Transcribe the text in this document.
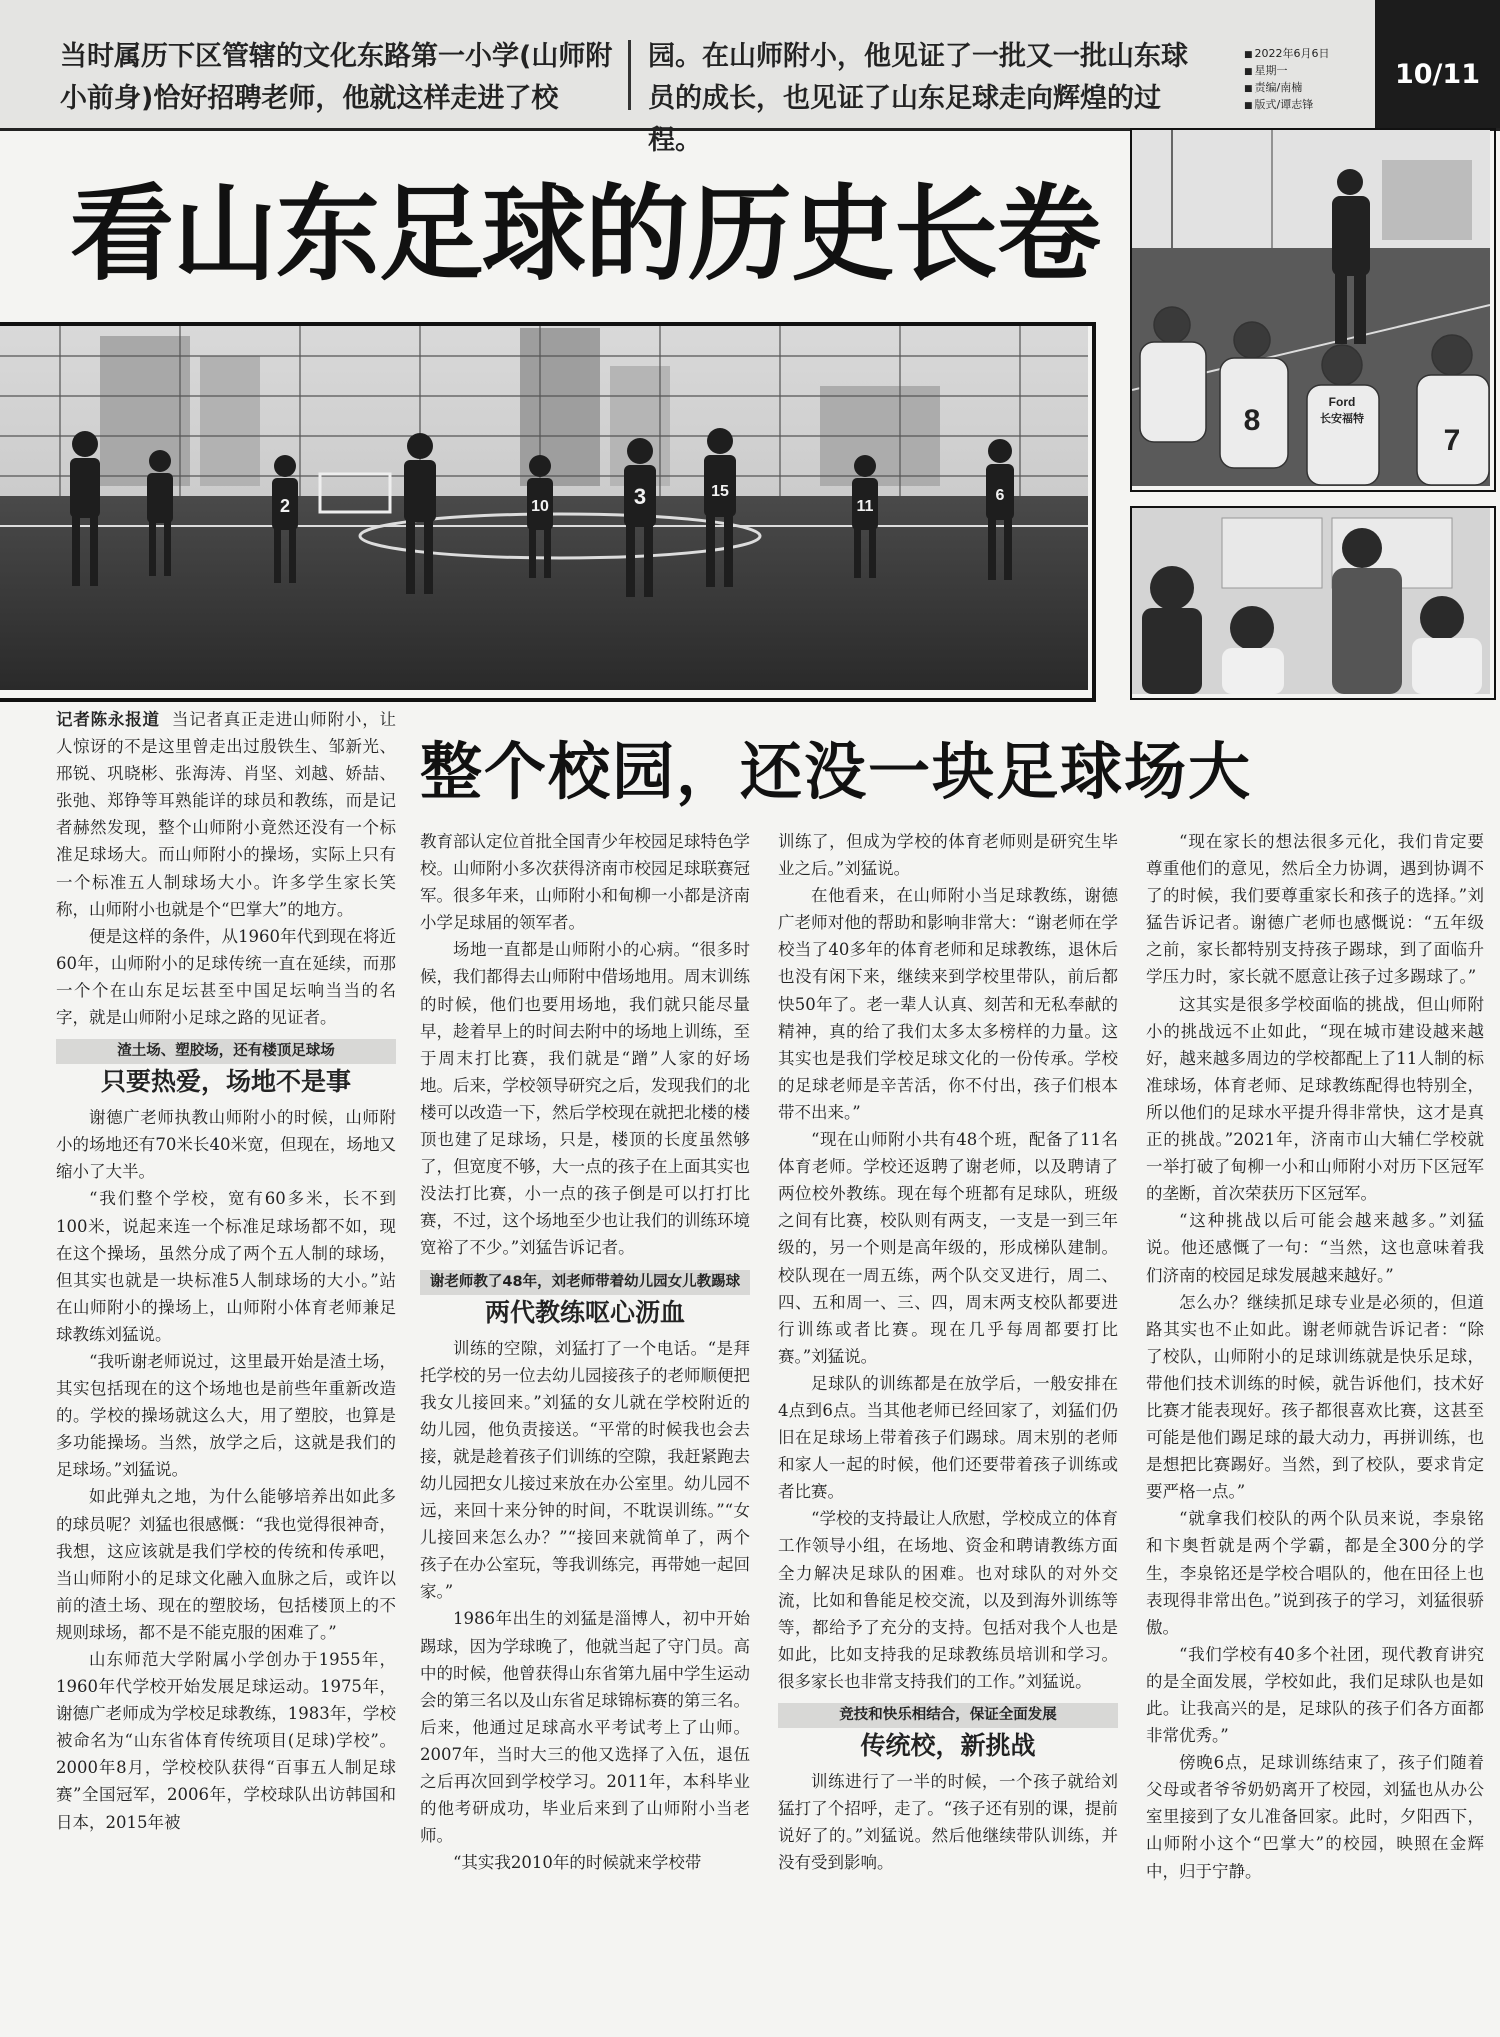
当时属历下区管辖的文化东路第一小学(山师附小前身)恰好招聘老师，他就这样走进了校
园。在山师附小，他见证了一批又一批山东球员的成长，也见证了山东足球走向辉煌的过程。
■ 2022年6月6日
■ 星期一
■ 责编/南楠
■ 版式/谭志锋
10/11
看山东足球的历史长卷
2	3
10	11
15	6
Ford
长安福特
8
7
整个校园，还没一块足球场大

记者陈永报道 当记者真正走进山师附小，让人惊讶的不是这里曾走出过殷铁生、邹新光、邢锐、巩晓彬、张海涛、肖坚、刘越、娇喆、张弛、郑铮等耳熟能详的球员和教练，而是记者赫然发现，整个山师附小竟然还没有一个标准足球场大。而山师附小的操场，实际上只有一个标准五人制球场大小。许多学生家长笑称，山师附小也就是个“巴掌大”的地方。

便是这样的条件，从1960年代到现在将近60年，山师附小的足球传统一直在延续，而那一个个在山东足坛甚至中国足坛响当当的名字，就是山师附小足球之路的见证者。

渣土场、塑胶场，还有楼顶足球场
只要热爱，场地不是事

谢德广老师执教山师附小的时候，山师附小的场地还有70米长40米宽，但现在，场地又缩小了大半。

“我们整个学校，宽有60多米，长不到100米，说起来连一个标准足球场都不如，现在这个操场，虽然分成了两个五人制的球场，但其实也就是一块标准5人制球场的大小。”站在山师附小的操场上，山师附小体育老师兼足球教练刘猛说。

“我听谢老师说过，这里最开始是渣土场，其实包括现在的这个场地也是前些年重新改造的。学校的操场就这么大，用了塑胶，也算是多功能操场。当然，放学之后，这就是我们的足球场。”刘猛说。

如此弹丸之地，为什么能够培养出如此多的球员呢？刘猛也很感慨：“我也觉得很神奇，我想，这应该就是我们学校的传统和传承吧，当山师附小的足球文化融入血脉之后，或许以前的渣土场、现在的塑胶场，包括楼顶上的不规则球场，都不是不能克服的困难了。”

山东师范大学附属小学创办于1955年，1960年代学校开始发展足球运动。1975年，谢德广老师成为学校足球教练，1983年，学校被命名为“山东省体育传统项目(足球)学校”。2000年8月，学校校队获得“百事五人制足球赛”全国冠军，2006年，学校球队出访韩国和日本，2015年被

教育部认定位首批全国青少年校园足球特色学校。山师附小多次获得济南市校园足球联赛冠军。很多年来，山师附小和甸柳一小都是济南小学足球届的领军者。

场地一直都是山师附小的心病。“很多时候，我们都得去山师附中借场地用。周末训练的时候，他们也要用场地，我们就只能尽量早，趁着早上的时间去附中的场地上训练，至于周末打比赛，我们就是“蹭”人家的好场地。后来，学校领导研究之后，发现我们的北楼可以改造一下，然后学校现在就把北楼的楼顶也建了足球场，只是，楼顶的长度虽然够了，但宽度不够，大一点的孩子在上面其实也没法打比赛，小一点的孩子倒是可以打打比赛，不过，这个场地至少也让我们的训练环境宽裕了不少。”刘猛告诉记者。

谢老师教了48年，刘老师带着幼儿园女儿教踢球
两代教练呕心沥血

训练的空隙，刘猛打了一个电话。“是拜托学校的另一位去幼儿园接孩子的老师顺便把我女儿接回来。”刘猛的女儿就在学校附近的幼儿园，他负责接送。“平常的时候我也会去接，就是趁着孩子们训练的空隙，我赶紧跑去幼儿园把女儿接过来放在办公室里。幼儿园不远，来回十来分钟的时间，不耽误训练。”“女儿接回来怎么办？”“接回来就简单了，两个孩子在办公室玩，等我训练完，再带她一起回家。”

1986年出生的刘猛是淄博人，初中开始踢球，因为学球晚了，他就当起了守门员。高中的时候，他曾获得山东省第九届中学生运动会的第三名以及山东省足球锦标赛的第三名。后来，他通过足球高水平考试考上了山师。2007年，当时大三的他又选择了入伍，退伍之后再次回到学校学习。2011年，本科毕业的他考研成功，毕业后来到了山师附小当老师。

“其实我2010年的时候就来学校带

训练了，但成为学校的体育老师则是研究生毕业之后。”刘猛说。

在他看来，在山师附小当足球教练，谢德广老师对他的帮助和影响非常大：“谢老师在学校当了40多年的体育老师和足球教练，退休后也没有闲下来，继续来到学校里带队，前后都快50年了。老一辈人认真、刻苦和无私奉献的精神，真的给了我们太多太多榜样的力量。这其实也是我们学校足球文化的一份传承。学校的足球老师是辛苦活，你不付出，孩子们根本带不出来。”

“现在山师附小共有48个班，配备了11名体育老师。学校还返聘了谢老师，以及聘请了两位校外教练。现在每个班都有足球队，班级之间有比赛，校队则有两支，一支是一到三年级的，另一个则是高年级的，形成梯队建制。校队现在一周五练，两个队交叉进行，周二、四、五和周一、三、四，周末两支校队都要进行训练或者比赛。现在几乎每周都要打比赛。”刘猛说。

足球队的训练都是在放学后，一般安排在4点到6点。当其他老师已经回家了，刘猛们仍旧在足球场上带着孩子们踢球。周末别的老师和家人一起的时候，他们还要带着孩子训练或者比赛。

“学校的支持最让人欣慰，学校成立的体育工作领导小组，在场地、资金和聘请教练方面全力解决足球队的困难。也对球队的对外交流，比如和鲁能足校交流，以及到海外训练等等，都给予了充分的支持。包括对我个人也是如此，比如支持我的足球教练员培训和学习。很多家长也非常支持我们的工作。”刘猛说。

竞技和快乐相结合，保证全面发展
传统校，新挑战

训练进行了一半的时候，一个孩子就给刘猛打了个招呼，走了。“孩子还有别的课，提前说好了的。”刘猛说。然后他继续带队训练，并没有受到影响。

“现在家长的想法很多元化，我们肯定要尊重他们的意见，然后全力协调，遇到协调不了的时候，我们要尊重家长和孩子的选择。”刘猛告诉记者。谢德广老师也感慨说：“五年级之前，家长都特别支持孩子踢球，到了面临升学压力时，家长就不愿意让孩子过多踢球了。”

这其实是很多学校面临的挑战，但山师附小的挑战远不止如此，“现在城市建设越来越好，越来越多周边的学校都配上了11人制的标准球场，体育老师、足球教练配得也特别全，所以他们的足球水平提升得非常快，这才是真正的挑战。”2021年，济南市山大辅仁学校就一举打破了甸柳一小和山师附小对历下区冠军的垄断，首次荣获历下区冠军。

“这种挑战以后可能会越来越多。”刘猛说。他还感慨了一句：“当然，这也意味着我们济南的校园足球发展越来越好。”

怎么办？继续抓足球专业是必须的，但道路其实也不止如此。谢老师就告诉记者：“除了校队，山师附小的足球训练就是快乐足球，带他们技术训练的时候，就告诉他们，技术好比赛才能表现好。孩子都很喜欢比赛，这甚至可能是他们踢足球的最大动力，再拼训练，也是想把比赛踢好。当然，到了校队，要求肯定要严格一点。”

“就拿我们校队的两个队员来说，李泉铭和卞奥哲就是两个学霸，都是全300分的学生，李泉铭还是学校合唱队的，他在田径上也表现得非常出色。”说到孩子的学习，刘猛很骄傲。

“我们学校有40多个社团，现代教育讲究的是全面发展，学校如此，我们足球队也是如此。让我高兴的是，足球队的孩子们各方面都非常优秀。”

傍晚6点，足球训练结束了，孩子们随着父母或者爷爷奶奶离开了校园，刘猛也从办公室里接到了女儿准备回家。此时，夕阳西下，山师附小这个“巴掌大”的校园，映照在金辉中，归于宁静。
